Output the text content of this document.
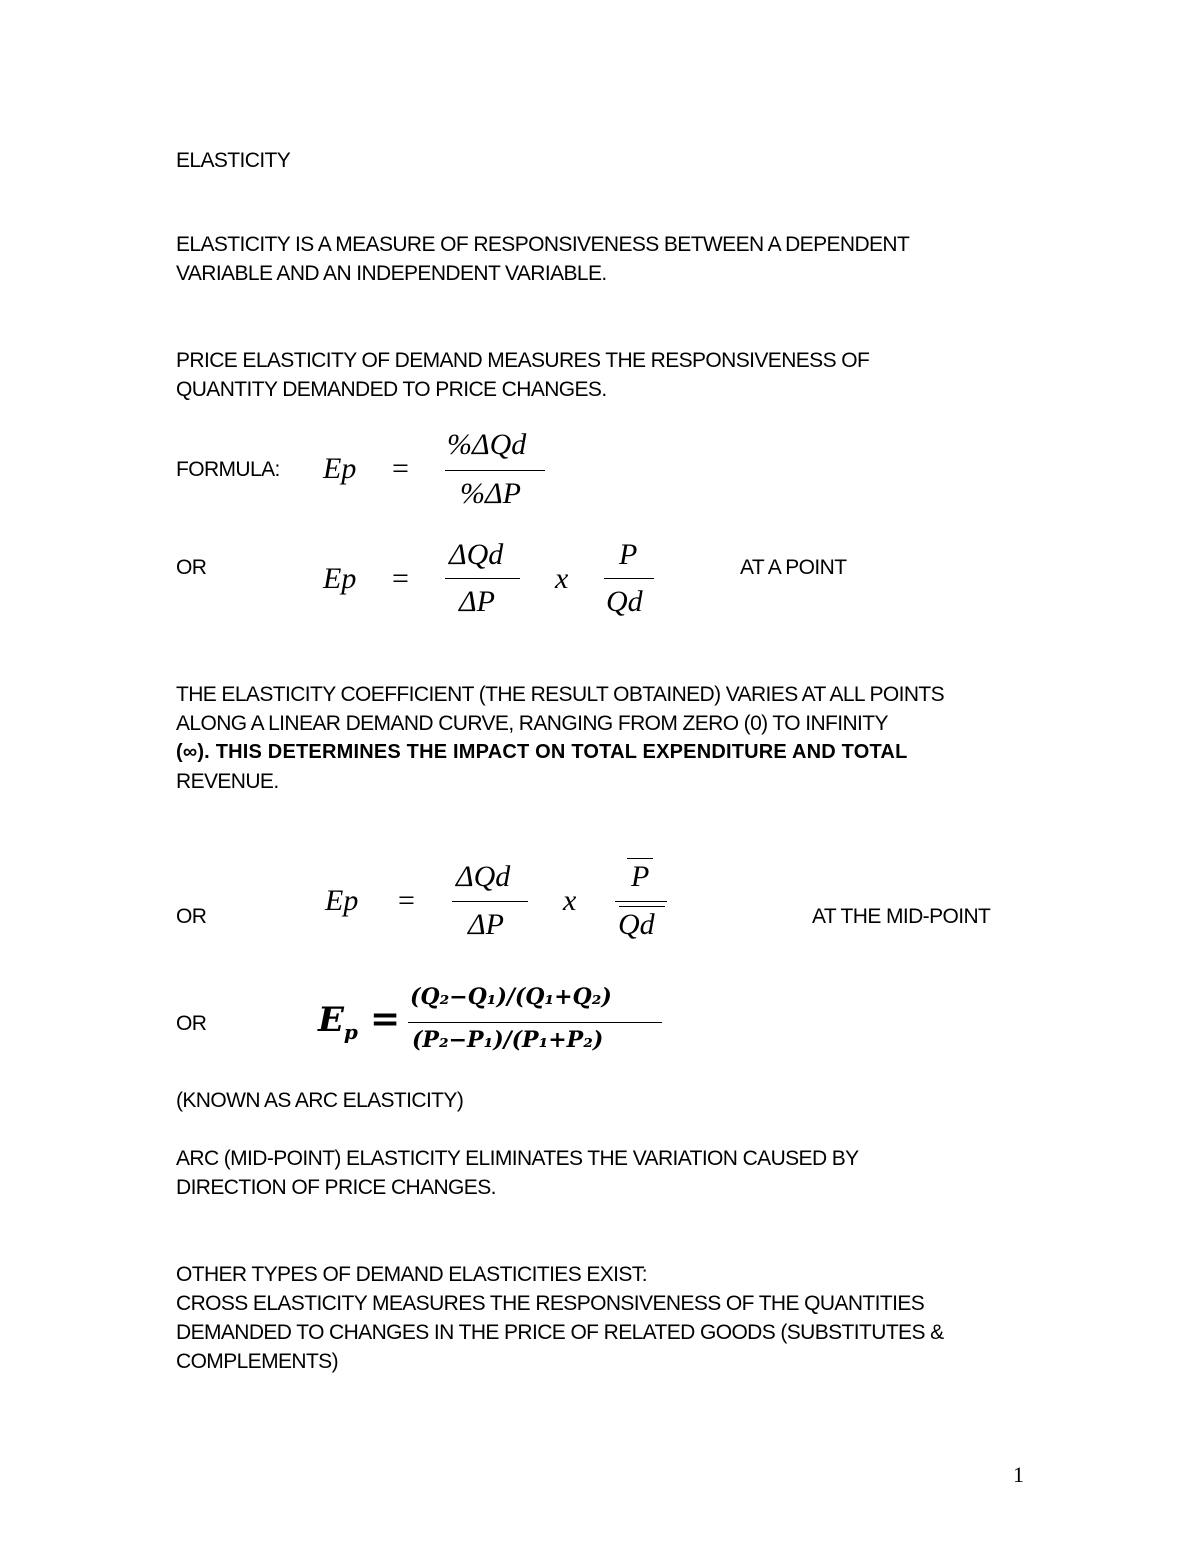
ELASTICITY
ELASTICITY IS A MEASURE OF RESPONSIVENESS BETWEEN A DEPENDENT
VARIABLE AND AN INDEPENDENT VARIABLE.
PRICE ELASTICITY OF DEMAND MEASURES THE RESPONSIVENESS OF
QUANTITY DEMANDED TO PRICE CHANGES.
FORMULA: Ep =
%ΔQd
%ΔP
OR	Ep =
ΔQd
ΔP
x
P
Qd
AT A POINT
THE ELASTICITY COEFFICIENT (THE RESULT OBTAINED) VARIES AT ALL POINTS
ALONG A LINEAR DEMAND CURVE, RANGING FROM ZERO (0) TO INFINITY
(∞). THIS DETERMINES THE IMPACT ON TOTAL EXPENDITURE AND TOTAL
REVENUE.
OR	Ep =
ΔQd
ΔP
x
P
Qd	AT THE MID-POINT
OR	$E_p$ =
(Q₂−Q₁)/(Q₁+Q₂)
(P₂−P₁)/(P₁+P₂)
(KNOWN AS ARC ELASTICITY)
ARC (MID-POINT) ELASTICITY ELIMINATES THE VARIATION CAUSED BY
DIRECTION OF PRICE CHANGES.
OTHER TYPES OF DEMAND ELASTICITIES EXIST:
CROSS ELASTICITY MEASURES THE RESPONSIVENESS OF THE QUANTITIES
DEMANDED TO CHANGES IN THE PRICE OF RELATED GOODS (SUBSTITUTES &
COMPLEMENTS)
1
